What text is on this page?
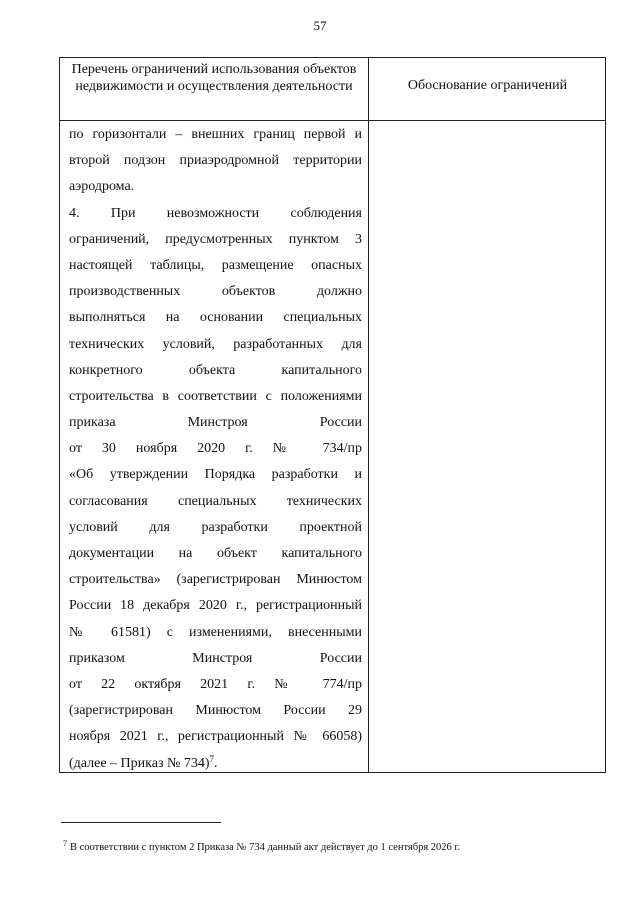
57
Перечень ограничений использования объектов недвижимости и осуществления деятельности	Обоснование ограничений
по горизонтали – внешних границ первой и
второй подзон приаэродромной территории
аэродрома.
4. При невозможности соблюдения
ограничений, предусмотренных пунктом 3
настоящей таблицы, размещение опасных
производственных объектов должно
выполняться на основании специальных
технических условий, разработанных для
конкретного объекта капитального
строительства в соответствии с положениями
приказа Минстроя России
от 30 ноября 2020 г. № 734/пр
«Об утверждении Порядка разработки и
согласования специальных технических
условий для разработки проектной
документации на объект капитального
строительства» (зарегистрирован Минюстом
России 18 декабря 2020 г., регистрационный
№ 61581) с изменениями, внесенными
приказом Минстроя России
от 22 октября 2021 г. № 774/пр
(зарегистрирован Минюстом России 29
ноября 2021 г., регистрационный № 66058)
(далее – Приказ № 734)$^7$.
$^7$ В соответствии с пунктом 2 Приказа № 734 данный акт действует до 1 сентября 2026 г.
